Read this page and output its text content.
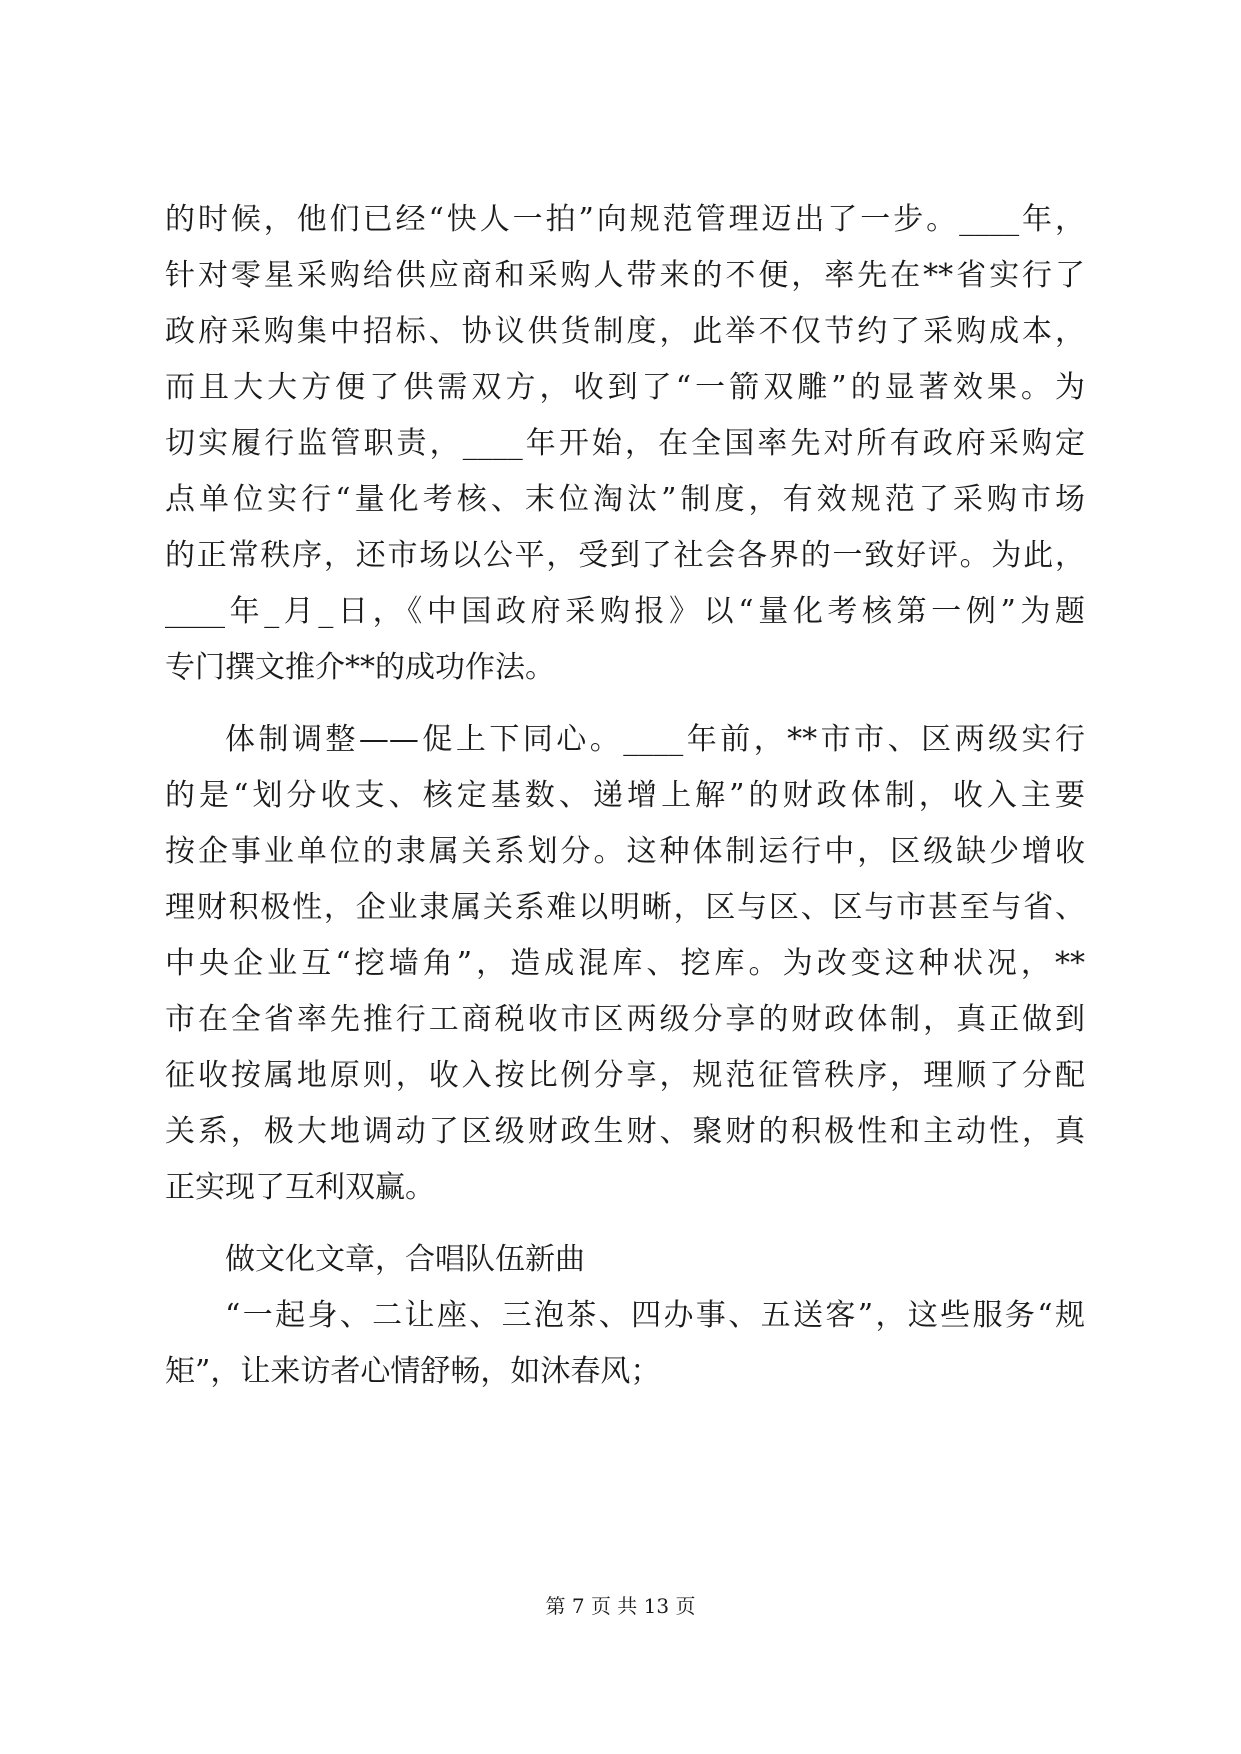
的时候，他们已经“快人一拍”向规范管理迈出了一步。____年，
针对零星采购给供应商和采购人带来的不便，率先在**省实行了
政府采购集中招标、协议供货制度，此举不仅节约了采购成本，
而且大大方便了供需双方，收到了“一箭双雕”的显著效果。为
切实履行监管职责，____年开始，在全国率先对所有政府采购定
点单位实行“量化考核、末位淘汰”制度，有效规范了采购市场
的正常秩序，还市场以公平，受到了社会各界的一致好评。为此，
____年_月_日，《中国政府采购报》以“量化考核第一例”为题
专门撰文推介**的成功作法。
体制调整——促上下同心。____年前，**市市、区两级实行
的是“划分收支、核定基数、递增上解”的财政体制，收入主要
按企事业单位的隶属关系划分。这种体制运行中，区级缺少增收
理财积极性，企业隶属关系难以明晰，区与区、区与市甚至与省、
中央企业互“挖墙角”，造成混库、挖库。为改变这种状况，**
市在全省率先推行工商税收市区两级分享的财政体制，真正做到
征收按属地原则，收入按比例分享，规范征管秩序，理顺了分配
关系，极大地调动了区级财政生财、聚财的积极性和主动性，真
正实现了互利双赢。
做文化文章，合唱队伍新曲
“一起身、二让座、三泡茶、四办事、五送客”，这些服务“规
矩”，让来访者心情舒畅，如沐春风；
第 7 页 共 13 页
